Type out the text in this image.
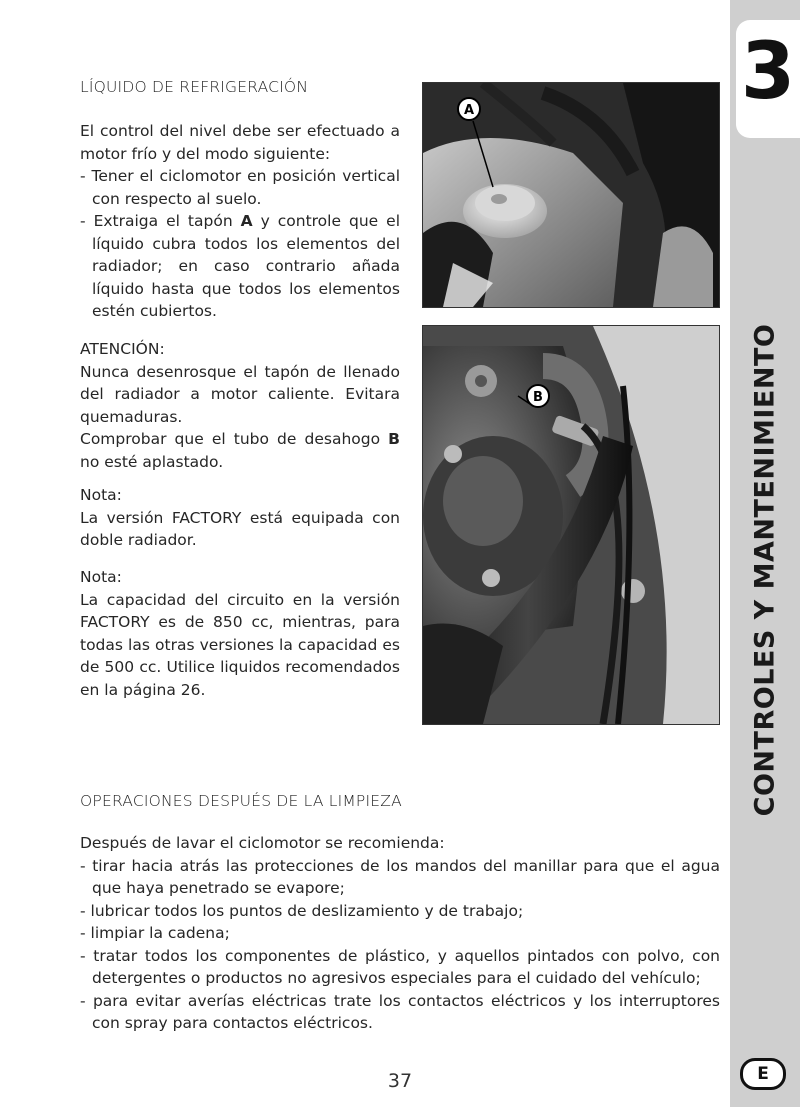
3
CONTROLES Y MANTENIMIENTO
E
LÍQUIDO DE REFRIGERACIÓN

El control del nivel debe ser efectuado a motor frío y del modo siguiente:

- Tener el ciclomotor en posición vertical con respecto al suelo.

- Extraiga el tapón A y controle que el líquido cubra todos los elementos del radiador; en caso contrario añada líquido hasta que todos los elementos estén cubiertos.

ATENCIÓN:

Nunca desenrosque el tapón de llenado del radiador a motor caliente. Evitara quemaduras.

Comprobar que el tubo de desahogo B no esté aplastado.

Nota:

La versión FACTORY está equipada con doble radiador.

Nota:

La capacidad del circuito en la versión FACTORY es de 850 cc, mientras, para todas las otras versiones la capacidad es de 500 cc. Utilice liquidos recomendados en la página 26.

A
B
OPERACIONES DESPUÉS DE LA LIMPIEZA

Después de lavar el ciclomotor se recomienda:

- tirar hacia atrás las protecciones de los mandos del manillar para que el agua que haya penetrado se evapore;

- lubricar todos los puntos de deslizamiento y de trabajo;

- limpiar la cadena;

- tratar todos los componentes de plástico, y aquellos pintados con polvo, con detergentes o productos no agresivos especiales para el cuidado del vehículo;

- para evitar averías eléctricas trate los contactos eléctricos y los interruptores con spray para contactos eléctricos.

37
